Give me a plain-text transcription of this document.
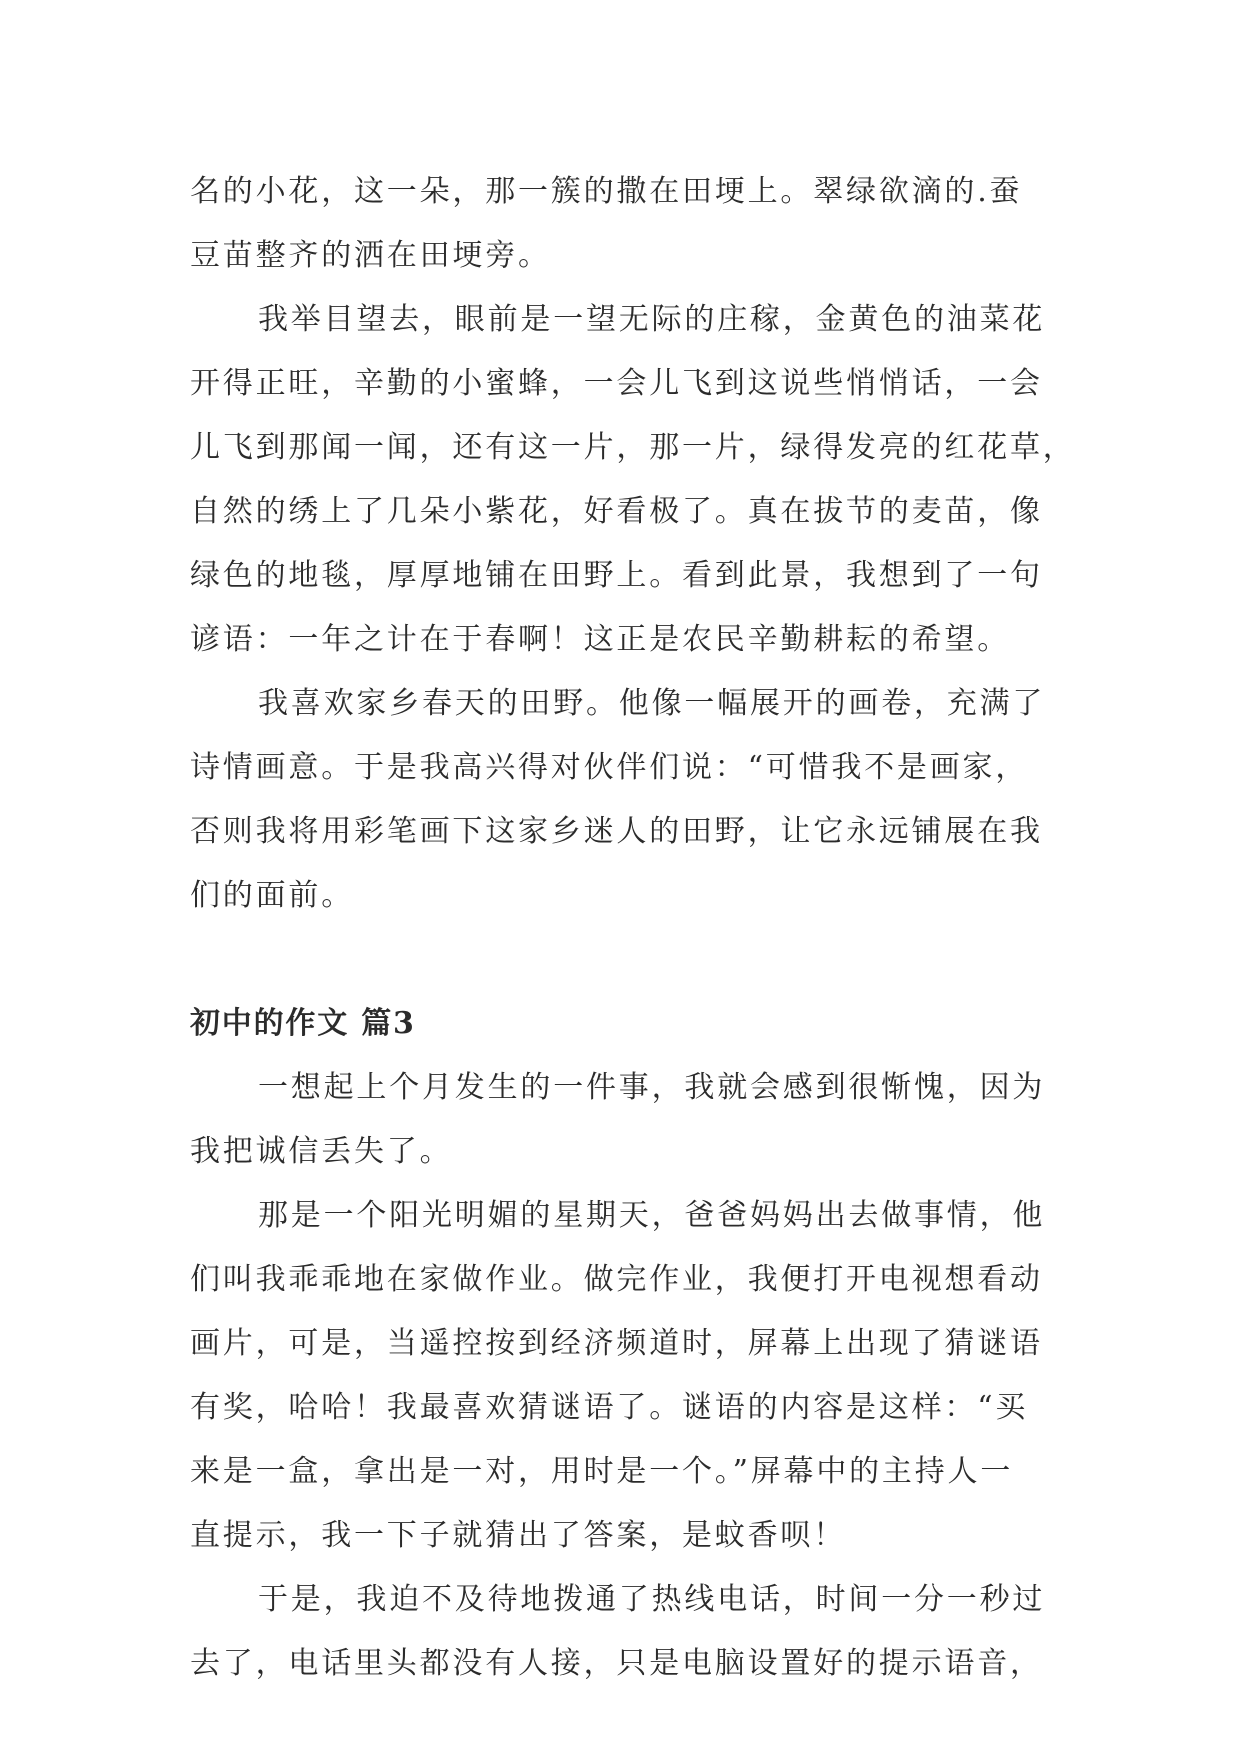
名的小花，这一朵，那一簇的撒在田埂上。翠绿欲滴的.蚕
豆苗整齐的洒在田埂旁。

我举目望去，眼前是一望无际的庄稼，金黄色的油菜花
开得正旺，辛勤的小蜜蜂，一会儿飞到这说些悄悄话，一会
儿飞到那闻一闻，还有这一片，那一片，绿得发亮的红花草，
自然的绣上了几朵小紫花，好看极了。真在拔节的麦苗，像
绿色的地毯，厚厚地铺在田野上。看到此景，我想到了一句
谚语：一年之计在于春啊！这正是农民辛勤耕耘的希望。

我喜欢家乡春天的田野。他像一幅展开的画卷，充满了
诗情画意。于是我高兴得对伙伴们说：“可惜我不是画家，
否则我将用彩笔画下这家乡迷人的田野，让它永远铺展在我
们的面前。

初中的作文 篇3

一想起上个月发生的一件事，我就会感到很惭愧，因为
我把诚信丢失了。

那是一个阳光明媚的星期天，爸爸妈妈出去做事情，他
们叫我乖乖地在家做作业。做完作业，我便打开电视想看动
画片，可是，当遥控按到经济频道时，屏幕上出现了猜谜语
有奖，哈哈！我最喜欢猜谜语了。谜语的内容是这样：“买
来是一盒，拿出是一对，用时是一个。”屏幕中的主持人一
直提示，我一下子就猜出了答案，是蚊香呗！

于是，我迫不及待地拨通了热线电话，时间一分一秒过
去了，电话里头都没有人接，只是电脑设置好的提示语音，
